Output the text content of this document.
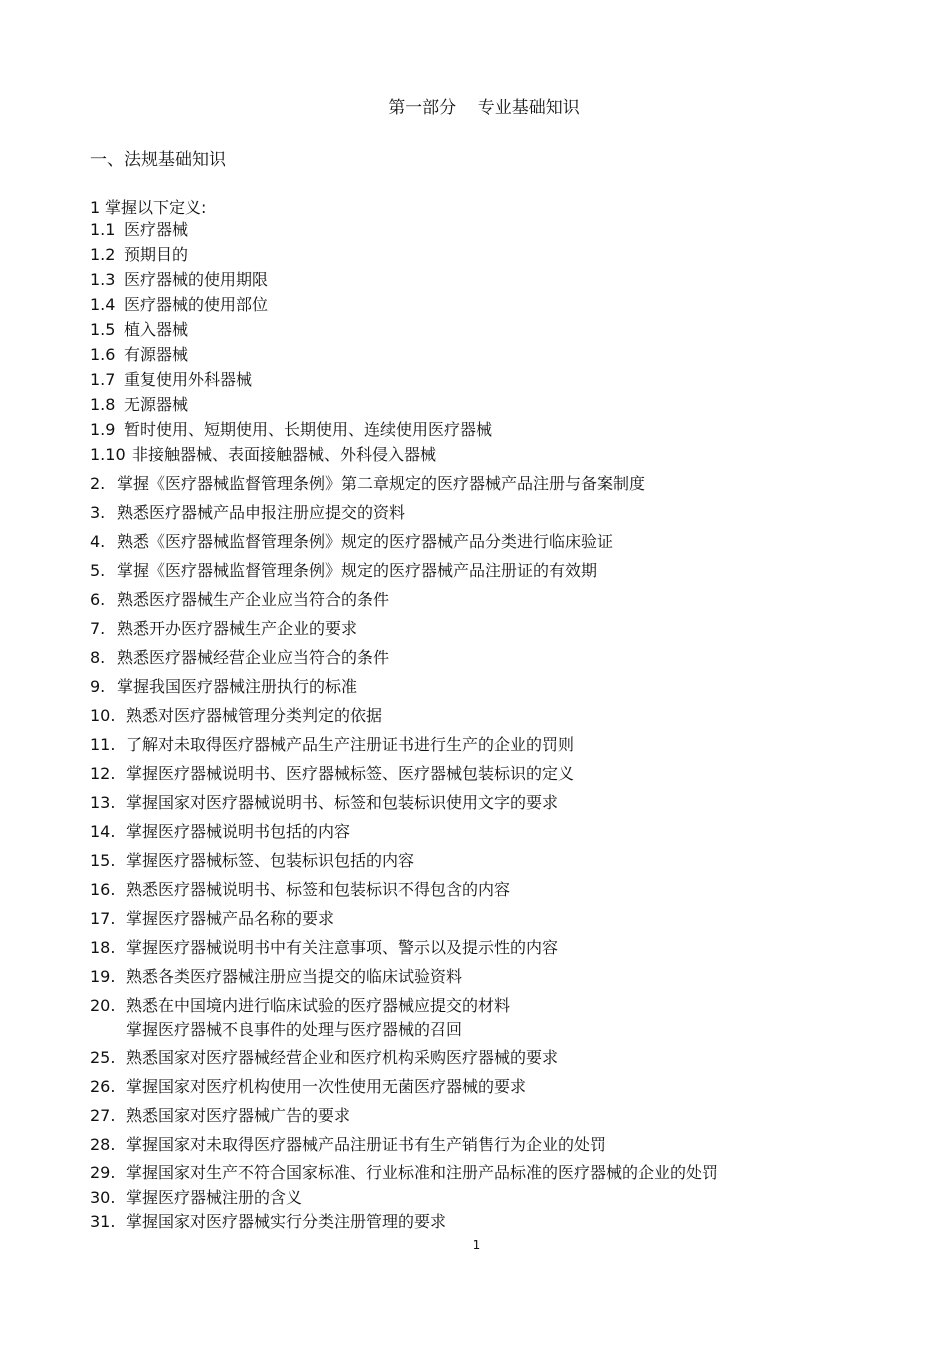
第一部分    专业基础知识
一、法规基础知识
1 掌握以下定义:
1.1 医疗器械
1.2 预期目的
1.3 医疗器械的使用期限
1.4 医疗器械的使用部位
1.5 植入器械
1.6 有源器械
1.7 重复使用外科器械
1.8 无源器械
1.9 暂时使用、短期使用、长期使用、连续使用医疗器械
1.10 非接触器械、表面接触器械、外科侵入器械
2. 掌握《医疗器械监督管理条例》第二章规定的医疗器械产品注册与备案制度
3. 熟悉医疗器械产品申报注册应提交的资料
4. 熟悉《医疗器械监督管理条例》规定的医疗器械产品分类进行临床验证
5. 掌握《医疗器械监督管理条例》规定的医疗器械产品注册证的有效期
6. 熟悉医疗器械生产企业应当符合的条件
7. 熟悉开办医疗器械生产企业的要求
8. 熟悉医疗器械经营企业应当符合的条件
9. 掌握我国医疗器械注册执行的标准
10. 熟悉对医疗器械管理分类判定的依据
11. 了解对未取得医疗器械产品生产注册证书进行生产的企业的罚则
12. 掌握医疗器械说明书、医疗器械标签、医疗器械包装标识的定义
13. 掌握国家对医疗器械说明书、标签和包装标识使用文字的要求
14. 掌握医疗器械说明书包括的内容
15. 掌握医疗器械标签、包装标识包括的内容
16. 熟悉医疗器械说明书、标签和包装标识不得包含的内容
17. 掌握医疗器械产品名称的要求
18. 掌握医疗器械说明书中有关注意事项、警示以及提示性的内容
19. 熟悉各类医疗器械注册应当提交的临床试验资料
20. 熟悉在中国境内进行临床试验的医疗器械应提交的材料
掌握医疗器械不良事件的处理与医疗器械的召回
25. 熟悉国家对医疗器械经营企业和医疗机构采购医疗器械的要求
26. 掌握国家对医疗机构使用一次性使用无菌医疗器械的要求
27. 熟悉国家对医疗器械广告的要求
28. 掌握国家对未取得医疗器械产品注册证书有生产销售行为企业的处罚
29. 掌握国家对生产不符合国家标准、行业标准和注册产品标准的医疗器械的企业的处罚
30. 掌握医疗器械注册的含义
31. 掌握国家对医疗器械实行分类注册管理的要求
1
